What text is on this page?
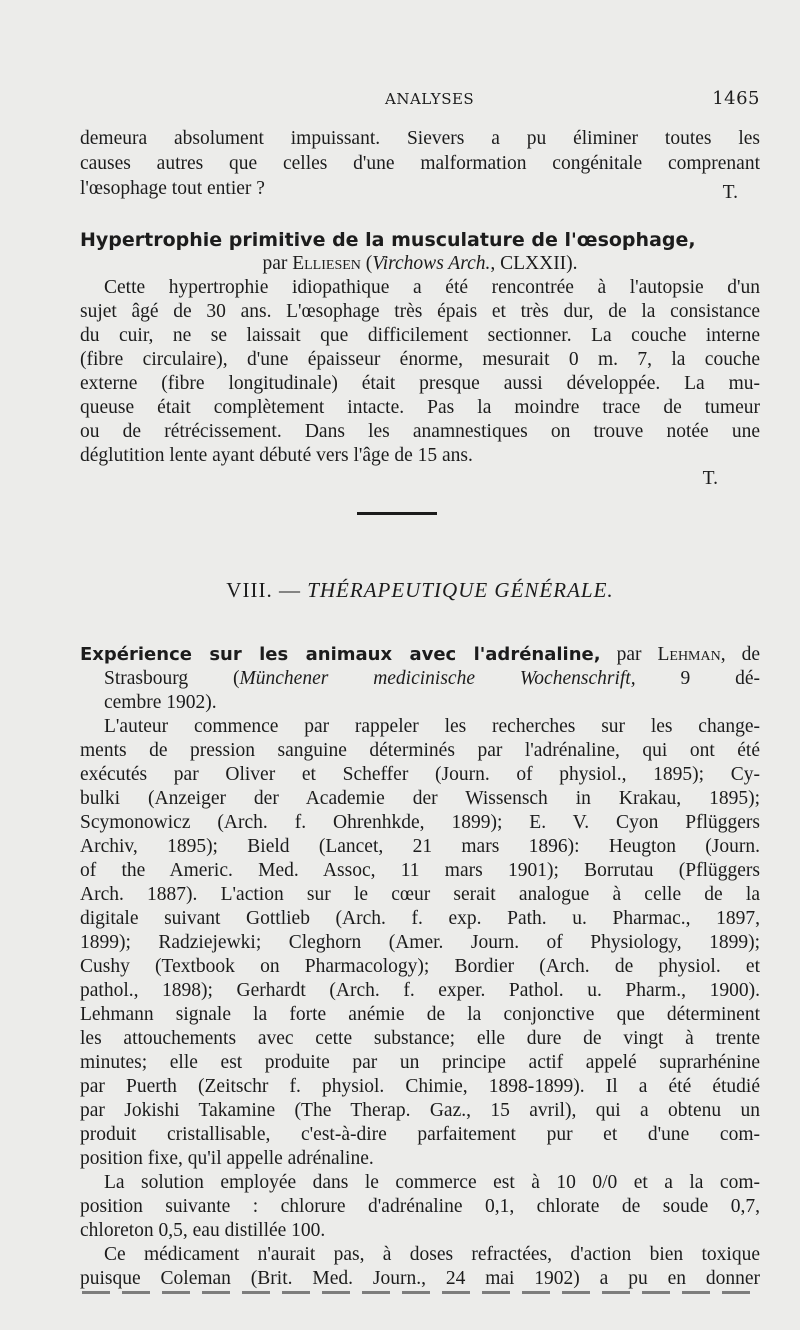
ANALYSES	1465
demeura absolument impuissant. Sievers a pu éliminer toutes les
causes autres que celles d'une malformation congénitale comprenant
l'œsophage tout entier ?	T.
Hypertrophie primitive de la musculature de l'œsophage,
par Elliesen (Virchows Arch., CLXXII).
Cette hypertrophie idiopathique a été rencontrée à l'autopsie d'un
sujet âgé de 30 ans. L'œsophage très épais et très dur, de la consistance
du cuir, ne se laissait que difficilement sectionner. La couche interne
(fibre circulaire), d'une épaisseur énorme, mesurait 0 m. 7, la couche
externe (fibre longitudinale) était presque aussi développée. La mu-
queuse était complètement intacte. Pas la moindre trace de tumeur
ou de rétrécissement. Dans les anamnestiques on trouve notée une
déglutition lente ayant débuté vers l'âge de 15 ans.
T.
VIII. — THÉRAPEUTIQUE GÉNÉRALE.
Expérience sur les animaux avec l'adrénaline, par Lehman, de
Strasbourg (Münchener medicinische Wochenschrift, 9 dé-
cembre 1902).
L'auteur commence par rappeler les recherches sur les change-
ments de pression sanguine déterminés par l'adrénaline, qui ont été
exécutés par Oliver et Scheffer (Journ. of physiol., 1895); Cy-
bulki (Anzeiger der Academie der Wissensch in Krakau, 1895);
Scymonowicz (Arch. f. Ohrenhkde, 1899); E. V. Cyon Pflüggers
Archiv, 1895); Bield (Lancet, 21 mars 1896): Heugton (Journ.
of the Americ. Med. Assoc, 11 mars 1901); Borrutau (Pflüggers
Arch. 1887). L'action sur le cœur serait analogue à celle de la
digitale suivant Gottlieb (Arch. f. exp. Path. u. Pharmac., 1897,
1899); Radziejewki; Cleghorn (Amer. Journ. of Physiology, 1899);
Cushy (Textbook on Pharmacology); Bordier (Arch. de physiol. et
pathol., 1898); Gerhardt (Arch. f. exper. Pathol. u. Pharm., 1900).
Lehmann signale la forte anémie de la conjonctive que déterminent
les attouchements avec cette substance; elle dure de vingt à trente
minutes; elle est produite par un principe actif appelé suprarhénine
par Puerth (Zeitschr f. physiol. Chimie, 1898-1899). Il a été étudié
par Jokishi Takamine (The Therap. Gaz., 15 avril), qui a obtenu un
produit cristallisable, c'est-à-dire parfaitement pur et d'une com-
position fixe, qu'il appelle adrénaline.
La solution employée dans le commerce est à 10 0/0 et a la com-
position suivante : chlorure d'adrénaline 0,1, chlorate de soude 0,7,
chloreton 0,5, eau distillée 100.
Ce médicament n'aurait pas, à doses refractées, d'action bien toxique
puisque Coleman (Brit. Med. Journ., 24 mai 1902) a pu en donner
